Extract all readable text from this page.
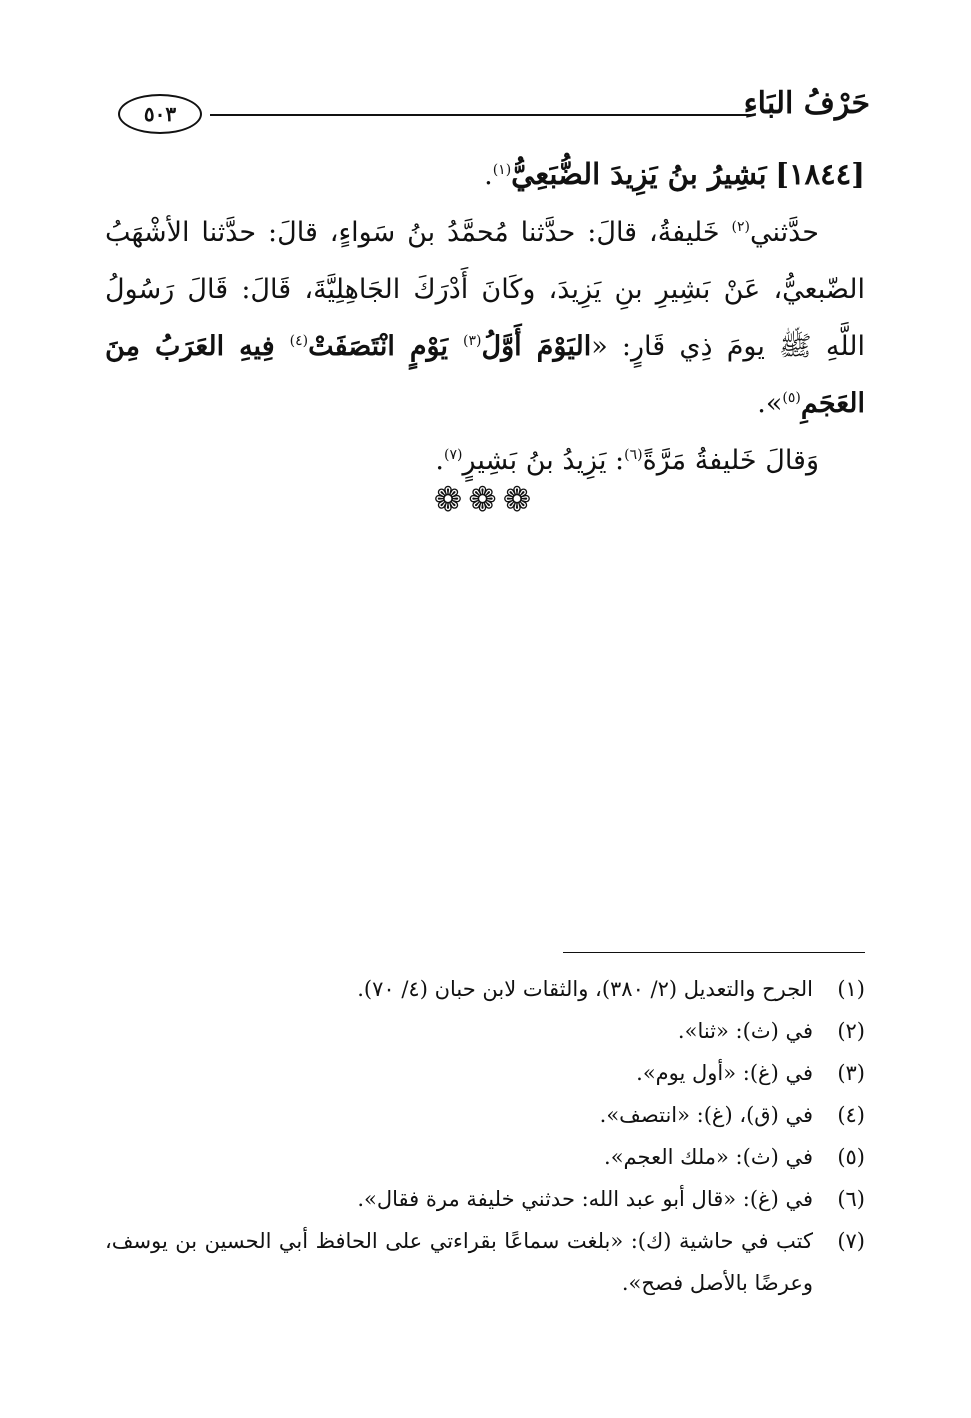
٥٠٣	حَرْفُ البَاءِ

[١٨٤٤] بَشِيرُ بنُ يَزِيدَ الضُّبَعِيُّ$^{(١)}$.

حدَّثني$^{(٢)}$ خَليفةُ، قالَ: حدَّثنا مُحمَّدُ بنُ سَواءٍ، قالَ: حدَّثنا الأشْهَبُ الضّبعيُّ، عَنْ بَشِيرِ بنِ يَزِيدَ، وكَانَ أَدْرَكَ الجَاهِلِيَّةَ، قَالَ: قَالَ رَسُولُ اللَّهِ ﷺ يومَ ذِي قَارٍ: «اليَوْمَ أَوَّلُ$^{(٣)}$ يَوْمٍ انْتَصَفَتْ$^{(٤)}$ فِيهِ العَرَبُ مِنَ العَجَمِ$^{(٥)}$».

وَقالَ خَليفةُ مَرَّةً$^{(٦)}$: يَزِيدُ بنُ بَشِيرٍ$^{(٧)}$.

❁❁❁
(١)
الجرح والتعديل (٢/ ٣٨٠)، والثقات لابن حبان (٤/ ٧٠).
(٢)
في (ث): «ثنا».
(٣)
في (غ): «أول يوم».
(٤)
في (ق)، (غ): «انتصف».
(٥)
في (ث): «ملك العجم».
(٦)
في (غ): «قال أبو عبد الله: حدثني خليفة مرة فقال».
(٧)
كتب في حاشية (ك): «بلغت سماعًا بقراءتي على الحافظ أبي الحسين بن يوسف، وعرضًا بالأصل فصح».
